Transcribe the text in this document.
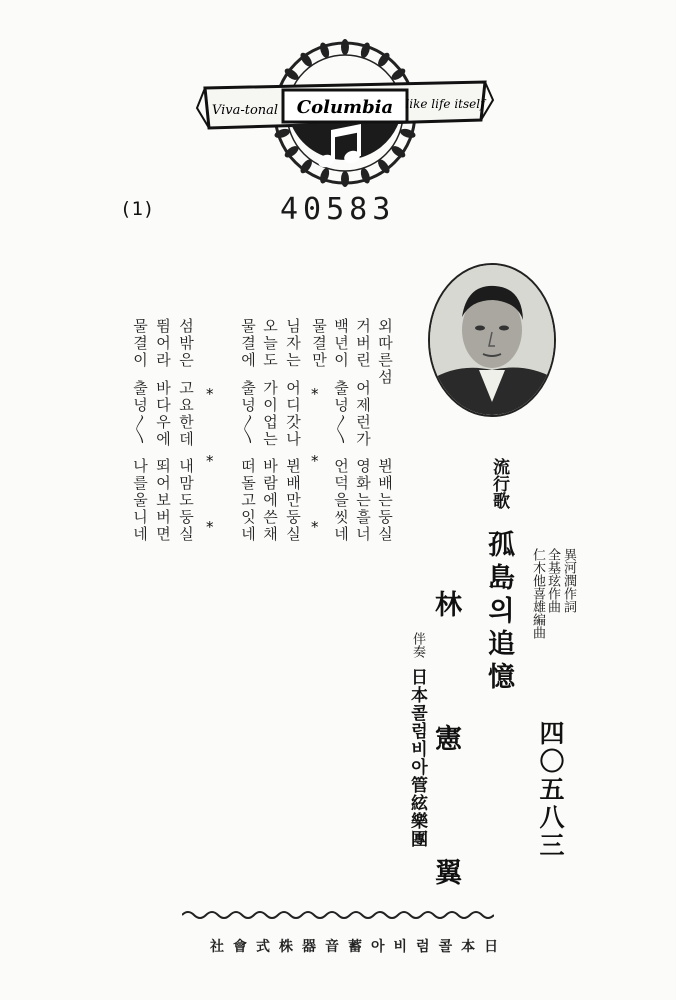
Columbia
Viva-tonal	like life itself
(1)	40583
異河潤作詞
全基玹作曲
仁木他喜雄編曲
四〇五八三
流行歌
孤島의追憶
林　憲　翼
伴奏
日本콜럼비아管絃樂團
외따른섬
뷘배는둥실
거버린
어제런가
영화는흘너
백년이
출넝〳〵
언덕을씻네
물결만
*
*
*
어디갓나
뷘배만둥실
님자는
가이업는
바람에쓴채
오늘도
출넝〳〵
떠돌고잇네
물결에
*
*
*
고요한데
내맘도둥실
섬밖은
바다우에
뙤어보버면
뜀어라
출넝〳〵
나를울니네
물결이
日本콜럼비아蓄音器株式會社
